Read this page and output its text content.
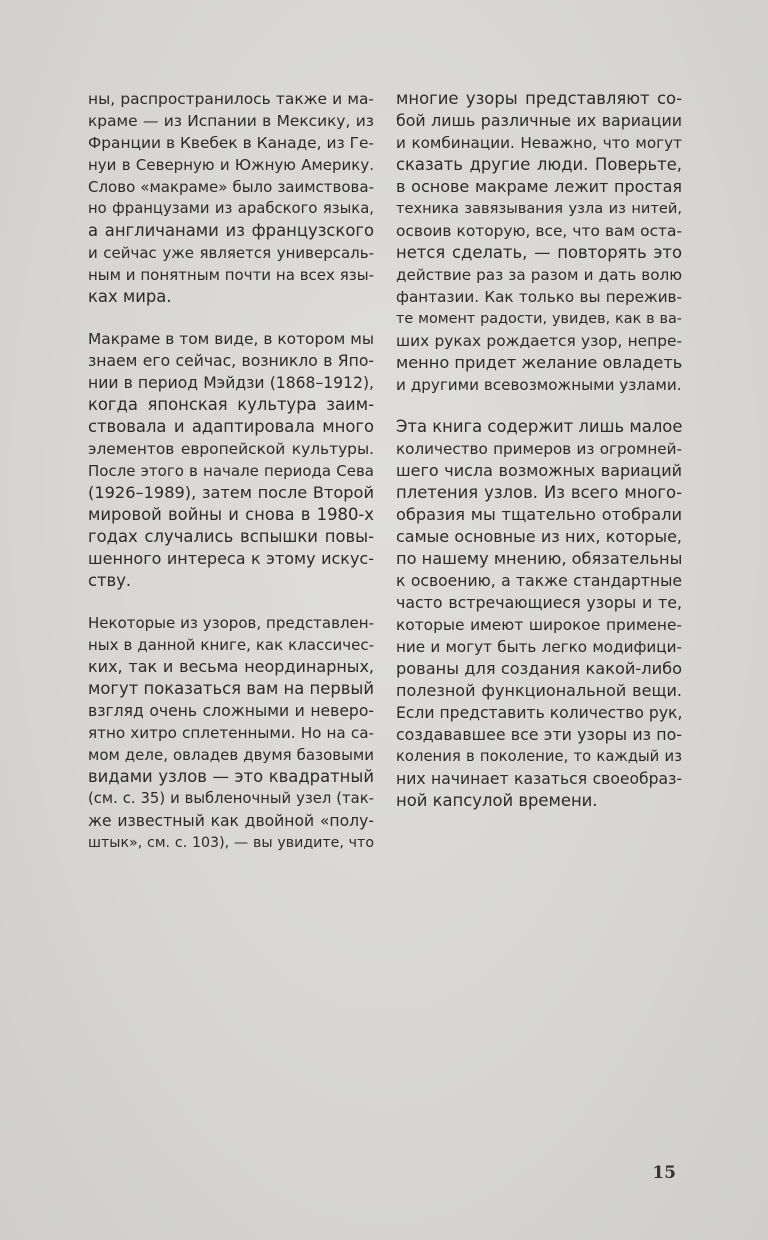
ны, распространилось также и ма-
краме — из Испании в Мексику, из
Франции в Квебек в Канаде, из Ге-
нуи в Северную и Южную Америку.
Слово «макраме» было заимствова-
но французами из арабского языка,
а англичанами из французского
и сейчас уже является универсаль-
ным и понятным почти на всех язы-
ках мира.
Макраме в том виде, в котором мы
знаем его сейчас, возникло в Япо-
нии в период Мэйдзи (1868–1912),
когда японская культура заим-
ствовала и адаптировала много
элементов европейской культуры.
После этого в начале периода Сева
(1926–1989), затем после Второй
мировой войны и снова в 1980-х
годах случались вспышки повы-
шенного интереса к этому искус-
ству.
Некоторые из узоров, представлен-
ных в данной книге, как классичес-
ких, так и весьма неординарных,
могут показаться вам на первый
взгляд очень сложными и неверо-
ятно хитро сплетенными. Но на са-
мом деле, овладев двумя базовыми
видами узлов — это квадратный
(см. с. 35) и выбленочный узел (так-
же известный как двойной «полу-
штык», см. с. 103), — вы увидите, что
многие узоры представляют со-
бой лишь различные их вариации
и комбинации. Неважно, что могут
сказать другие люди. Поверьте,
в основе макраме лежит простая
техника завязывания узла из нитей,
освоив которую, все, что вам оста-
нется сделать, — повторять это
действие раз за разом и дать волю
фантазии. Как только вы пережив-
те момент радости, увидев, как в ва-
ших руках рождается узор, непре-
менно придет желание овладеть
и другими всевозможными узлами.
Эта книга содержит лишь малое
количество примеров из огромней-
шего числа возможных вариаций
плетения узлов. Из всего много-
образия мы тщательно отобрали
самые основные из них, которые,
по нашему мнению, обязательны
к освоению, а также стандартные
часто встречающиеся узоры и те,
которые имеют широкое примене-
ние и могут быть легко модифици-
рованы для создания какой-либо
полезной функциональной вещи.
Если представить количество рук,
создававшее все эти узоры из по-
коления в поколение, то каждый из
них начинает казаться своеобраз-
ной капсулой времени.
15
